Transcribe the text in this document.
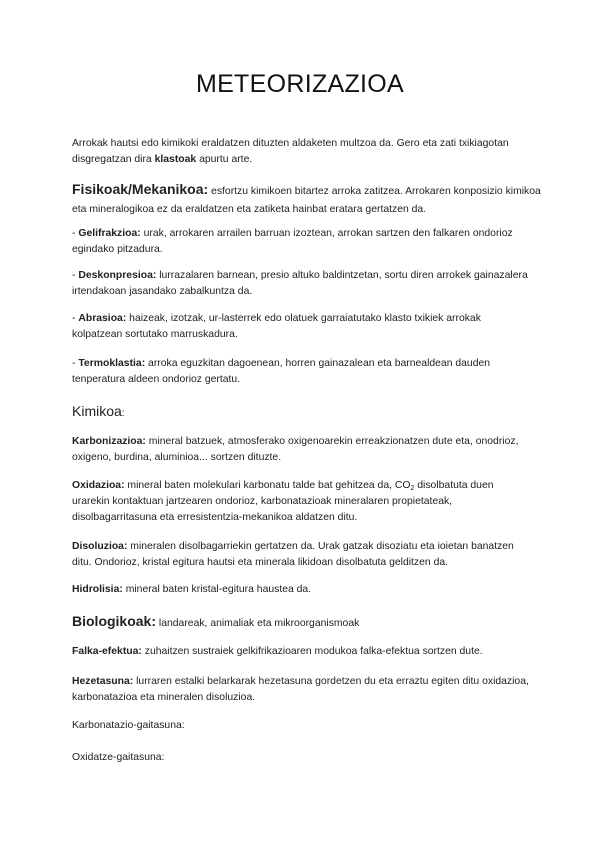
METEORIZAZIOA
Arrokak hautsi edo kimikoki eraldatzen dituzten aldaketen multzoa da. Gero eta zati txikiagotan disgregatzan dira klastoak apurtu arte.
Fisikoak/Mekanikoa: esfortzu kimikoen bitartez arroka zatitzea. Arrokaren konposizio kimikoa eta mineralogikoa ez da eraldatzen eta zatiketa hainbat eratara gertatzen da.
- Gelifrakzioa: urak, arrokaren arrailen barruan izoztean, arrokan sartzen den falkaren ondorioz egindako pitzadura.
- Deskonpresioa: lurrazalaren barnean, presio altuko baldintzetan, sortu diren arrokek gainazalera irtendakoan jasandako zabalkuntza da.
- Abrasioa: haizeak, izotzak, ur-lasterrek edo olatuek garraiatutako klasto txikiek arrokak kolpatzean sortutako marruskadura.
- Termoklastia: arroka eguzkitan dagoenean, horren gainazalean eta barnealdean dauden tenperatura aldeen ondorioz gertatu.
Kimikoa:
Karbonizazioa: mineral batzuek, atmosferako oxigenoarekin erreakzionatzen dute eta, onodrioz, oxigeno, burdina, aluminioa... sortzen dituzte.
Oxidazioa: mineral baten molekulari karbonatu talde bat gehitzea da, $CO_2$ disolbatuta duen urarekin kontaktuan jartzearen ondorioz, karbonatazioak mineralaren propietateak, disolbagarritasuna eta erresistentzia-mekanikoa aldatzen ditu.
Disoluzioa: mineralen disolbagarriekin gertatzen da. Urak gatzak disoziatu eta ioietan banatzen ditu. Ondorioz, kristal egitura hautsi eta minerala likidoan disolbatuta gelditzen da.
Hidrolisia: mineral baten kristal-egitura haustea da.
Biologikoak: landareak, animaliak eta mikroorganismoak
Falka-efektua: zuhaitzen sustraiek gelkifrikazioaren modukoa falka-efektua sortzen dute.
Hezetasuna: lurraren estalki belarkarak hezetasuna gordetzen du eta erraztu egiten ditu oxidazioa, karbonatazioa eta mineralen disoluzioa.
Karbonatazio-gaitasuna:
Oxidatze-gaitasuna:
